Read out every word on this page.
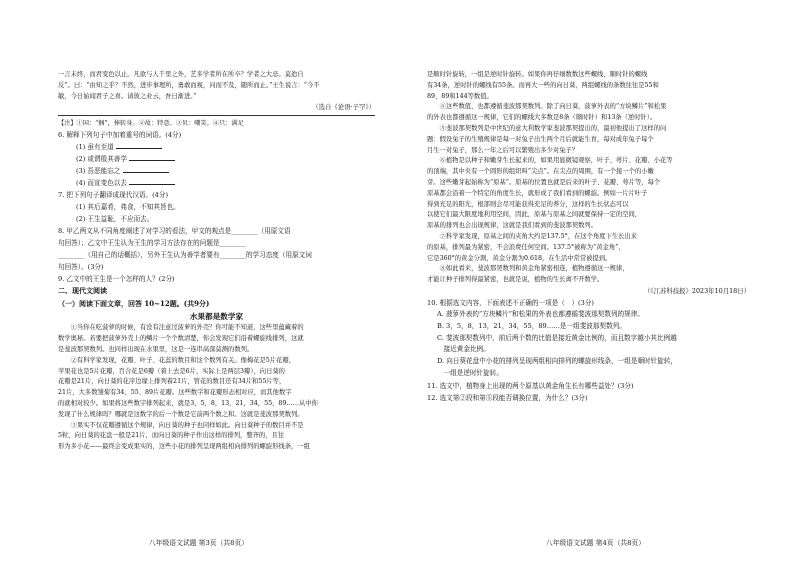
一言未终，而君变色以止。凡欲与人千里之外，艺多学者所在所卒？学者之大忌。莫迨自

反”。曰：“由知之乎？不然，进步事理所，勇敢而视，问而不及，随所而止。”王生说言：“今不

敏，今日始闻君子之喜。请彼之业云，吾日渐进。”

（选自《论语·子罕》）
【注】①国：“捆”，捧转身。②故：特意。③贝：嘲笑。④只：满足
6. 解释下列句子中加着重号的词语。(4分)
(1) 虽有至道
(2) 或谓殷其善学
(3) 吾恶能忘之
(4) 而宣变色以去
7. 把下列句子翻译成现代汉语。(4分)
(1) 其后嘉肴，弗食，不知其旨也。
(2) 王生益耻，不应而去。
8. 甲乙两文从不同角度阐述了对学习的看法，甲文的观点是________（用原文语
句回答）；乙文中王生认为王生的学习方法存在的问题是________
________（用自己的话概括），另外王生认为善学者要有________的学习态度（用原文词
句回答）。(3分)
9. 乙文中的王生是一个怎样的人？(2分)
二、现代文阅读
（一）阅读下面文章，回答 10~12题。(共9分)
水果都是数学家

①当你在吃菠萝的时候，有没有注意过菠萝的外壳？你可能不知道，这些里蕴藏着的

数学奥秘。若要把菠萝外壳上的鳞片一个个数清楚，你会发现它们沿着螺旋线排列，这就

是斐波那契数列。也同样出现在水果里，这是一连串高深莫测的数列。

②有科学家发现，花瓣、叶子、花蕊的数目和这个数列有关。像梅花是5片花瓣，

苹果花也是5片花瓣，百合花是6瓣（着上去是6片，实际上是两层3瓣），向日葵的

花瓣是21片，向日葵的花序边缘上排列着21片，管花的数目还有34片和55片等，

21片，大多数雏菊有34、55、89片花瓣。这些数字和花瓣形态相对应，而其他数字

的就相对较少。如果将这些数字排列起来，就是3，5，8，13，21，34，55，89……从中你

发现了什么规律吗？哪就是这数字的后一个数是它前两个数之和。这就是斐波那契数列。

③果实不仅花瓣遵循这个规律，向日葵的种子也同样如此。向日葵种子的数目并不是

5粒，向日葵的花盘一般是21片，而向日葵的种子作出这样的排列，整齐的，且往

形为多小花——最终会变成果实的，这些小花的排列呈现两组相向排列的螺旋形线条，一组

八年级语文试题 第3页（共8页）

是顺时针旋转，一组是逆时针旋转。如果你再仔细数数这些螺线，顺时针的螺线

有34条，逆时针的螺线有55条。而再大一些的向日葵，两组螺线的条数往往是55和

89、89和144等数值。

④这些数值，也都遵循斐波那契数列。除了向日葵，菠萝外表的“方块鳞片”和松果

的外表也都遵循这一规律，它们的螺线大多数是8条（顺时针）和13条（逆时针）。

⑤斐波那契数列是中世纪的意大利数学家斐波那契提出的，最初他提出了这样的问

题：假设兔子的生殖规律是每一对兔子出生两个月后就能生育，每对成年兔子每个

月生一对兔子，那么一年之后可以繁殖出多少对兔子？

⑥植物是以种子和嫩芽生长起来的，如果用显微镜观察，叶子、萼片、花瓣、小花等

的顶端，其中央有一个圆形的组织叫“尖点”。在尖点的周围，有一个接一个的小嫩

芽。这些嫩芽起始称为“原基”。原基的位置也就是后来的叶子、花瓣、萼片等，每个

原基都会沿着一个特定的角度生长，就形成了我们看到的螺旋。例如一片片叶子

得到充足的阳光，根部则会尽可能获得充足的养分，这样的生长状态可以

以使它们最大限度地利用空间，因此，原基与原基之间就要保持一定的空间，

原基的排列也会出现规律，这就是我们看到的斐波那契数列。

⑦科学家发现，原基之间的夹角大约是137.5°，在这个角度下生长出来

的原基，排列最为紧密，不会浪费任何空间。137.5°被称为“黄金角”，

它是360°的黄金分割，黄金分割为0.618，在生活中常常被提到。

⑧如此看来，斐波那契数列和黄金角紧密相连，植物遵循这一规律，

才能让种子排列得最紧密，也就是说，植物的生长离不开数学。

（《江苏科技报》2023年10月18日）
10. 根据选文内容，下面表述不正确的一项是（　）(3分)
A. 菠萝外表的“方块鳞片”和松果的外表也都遵循斐波那契数列的规律。
B. 3，5，8，13，21，34，55，89……是一组斐波那契数列。
C. 斐波那契数列中，前后两个数的比值是接近黄金比例的，而且数字越小其比例越
　接近黄金比例。
D. 向日葵花盘中小花的排列呈现两组相向排列的螺旋形线条，一组是顺时针旋转，
　一组是逆时针旋转。
11. 选文中，植物身上出现的两个原基以黄金角生长有哪些益处？(3分)
12. 选文第②段和第⑤段能否调换位置，为什么？(3分)
八年级语文试题 第4页（共8页）
